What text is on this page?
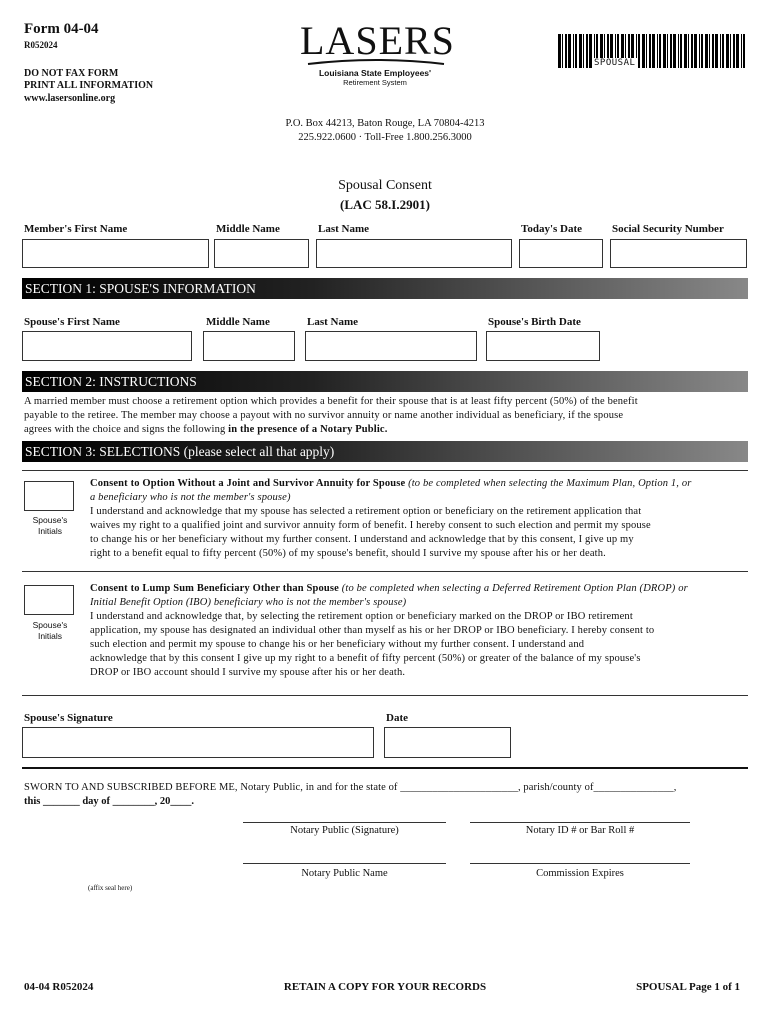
Form 04-04
R052024
DO NOT FAX FORM
PRINT ALL INFORMATION
www.lasersonline.org
LASERS
Louisiana State Employees'
Retirement System
SPOUSAL
P.O. Box 44213, Baton Rouge, LA 70804-4213
225.922.0600 · Toll-Free 1.800.256.3000
Spousal Consent
(LAC 58.I.2901)
Member's First Name	Middle Name	Last Name	Today's Date	Social Security Number
SECTION 1: SPOUSE'S INFORMATION
Spouse's First Name	Middle Name	Last Name	Spouse's Birth Date
SECTION 2: INSTRUCTIONS
A married member must choose a retirement option which provides a benefit for their spouse that is at least fifty percent (50%) of the benefit
payable to the retiree. The member may choose a payout with no survivor annuity or name another individual as beneficiary, if the spouse
agrees with the choice and signs the following in the presence of a Notary Public.
SECTION 3: SELECTIONS (please select all that apply)
Spouse's
Initials
Consent to Option Without a Joint and Survivor Annuity for Spouse (to be completed when selecting the Maximum Plan, Option 1, or
a beneficiary who is not the member's spouse)
I understand and acknowledge that my spouse has selected a retirement option or beneficiary on the retirement application that
waives my right to a qualified joint and survivor annuity form of benefit. I hereby consent to such election and permit my spouse
to change his or her beneficiary without my further consent. I understand and acknowledge that by this consent, I give up my
right to a benefit equal to fifty percent (50%) of my spouse's benefit, should I survive my spouse after his or her death.
Spouse's
Initials
Consent to Lump Sum Beneficiary Other than Spouse (to be completed when selecting a Deferred Retirement Option Plan (DROP) or
Initial Benefit Option (IBO) beneficiary who is not the member's spouse)
I understand and acknowledge that, by selecting the retirement option or beneficiary marked on the DROP or IBO retirement
application, my spouse has designated an individual other than myself as his or her DROP or IBO beneficiary. I hereby consent to
such election and permit my spouse to change his or her beneficiary without my further consent. I understand and
acknowledge that by this consent I give up my right to a benefit of fifty percent (50%) or greater of the balance of my spouse's
DROP or IBO account should I survive my spouse after his or her death.
Spouse's Signature	Date
SWORN TO AND SUBSCRIBED BEFORE ME, Notary Public, in and for the state of ______________________, parish/county of_______________,
this _______ day of ________, 20____.
Notary Public (Signature)	Notary ID # or Bar Roll #
Notary Public Name	Commission Expires
(affix seal here)
04-04 R052024	RETAIN A COPY FOR YOUR RECORDS	SPOUSAL Page 1 of 1
